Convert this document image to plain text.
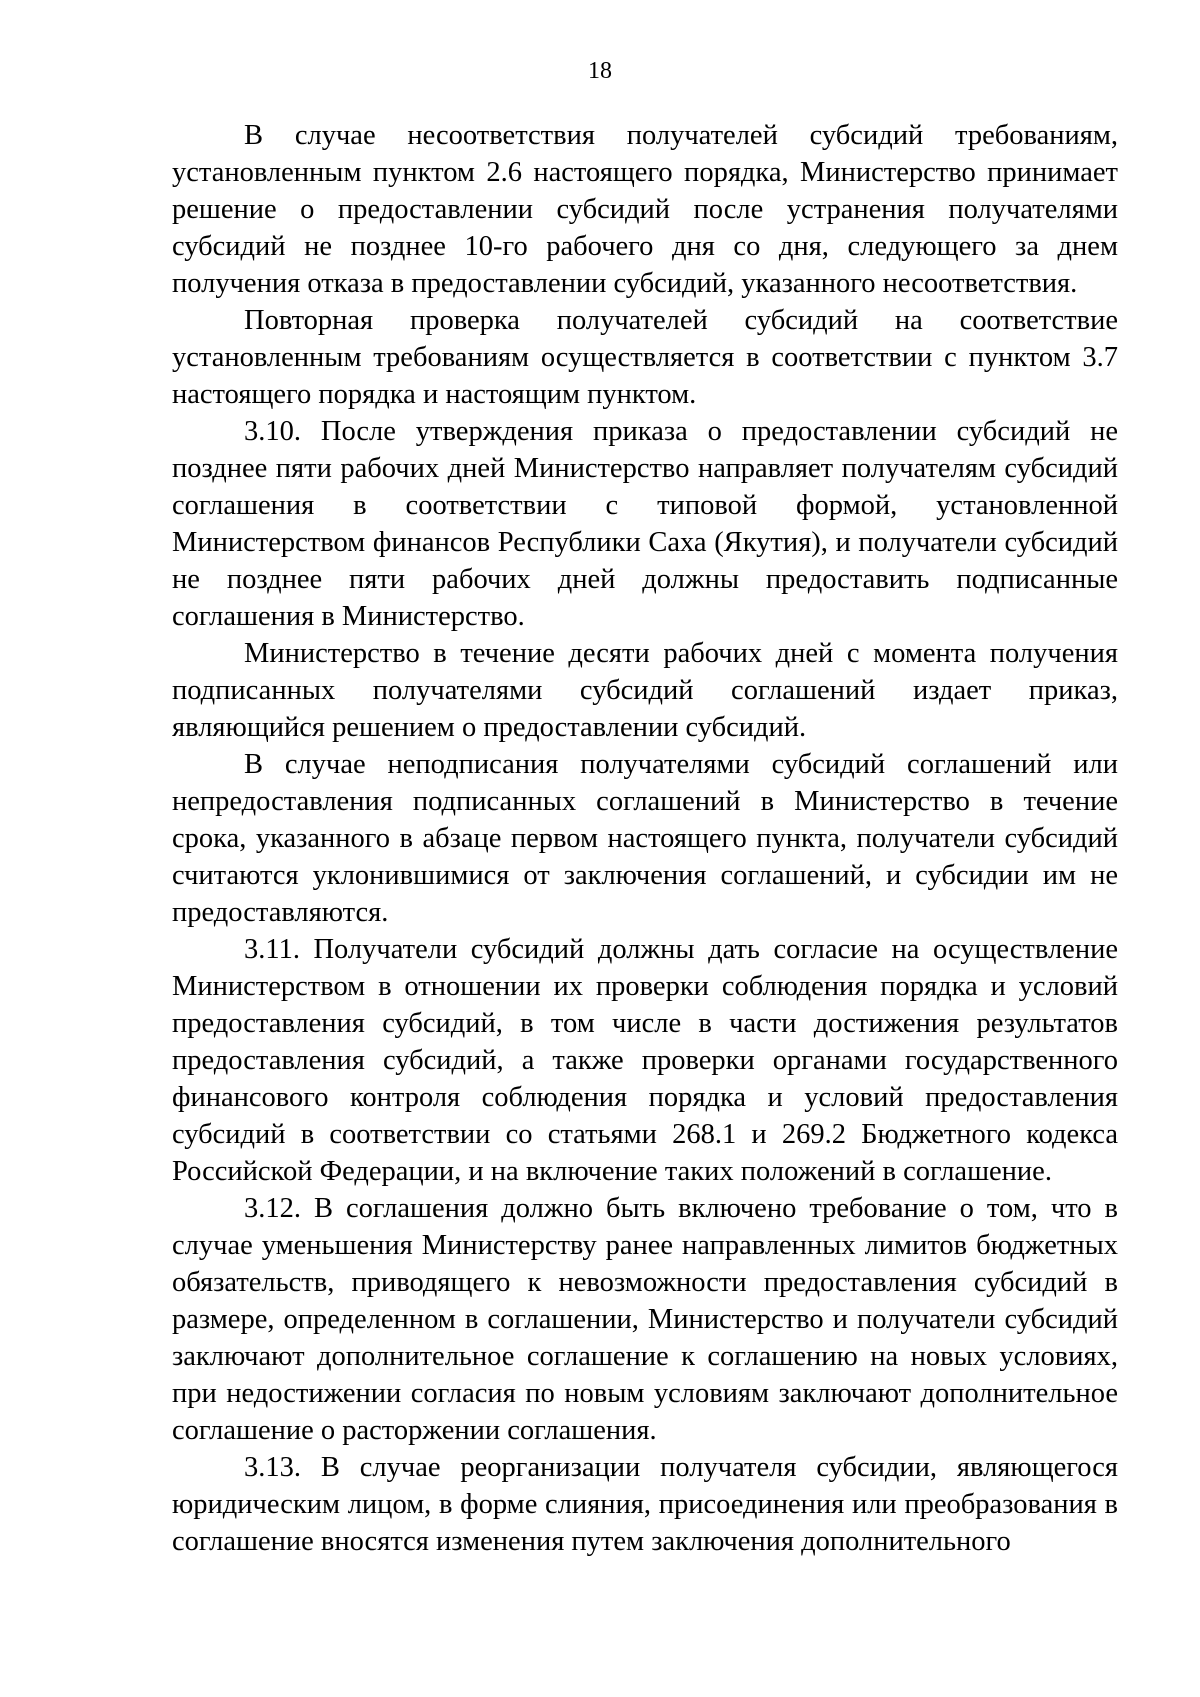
18

В случае несоответствия получателей субсидий требованиям, установленным пунктом 2.6 настоящего порядка, Министерство принимает решение о предоставлении субсидий после устранения получателями субсидий не позднее 10-го рабочего дня со дня, следующего за днем получения отказа в предоставлении субсидий, указанного несоответствия.

Повторная проверка получателей субсидий на соответствие установленным требованиям осуществляется в соответствии с пунктом 3.7 настоящего порядка и настоящим пунктом.

3.10. После утверждения приказа о предоставлении субсидий не позднее пяти рабочих дней Министерство направляет получателям субсидий соглашения в соответствии с типовой формой, установленной Министерством финансов Республики Саха (Якутия), и получатели субсидий не позднее пяти рабочих дней должны предоставить подписанные соглашения в Министерство.

Министерство в течение десяти рабочих дней с момента получения подписанных получателями субсидий соглашений издает приказ, являющийся решением о предоставлении субсидий.

В случае неподписания получателями субсидий соглашений или непредоставления подписанных соглашений в Министерство в течение срока, указанного в абзаце первом настоящего пункта, получатели субсидий считаются уклонившимися от заключения соглашений, и субсидии им не предоставляются.

3.11. Получатели субсидий должны дать согласие на осуществление Министерством в отношении их проверки соблюдения порядка и условий предоставления субсидий, в том числе в части достижения результатов предоставления субсидий, а также проверки органами государственного финансового контроля соблюдения порядка и условий предоставления субсидий в соответствии со статьями 268.1 и 269.2 Бюджетного кодекса Российской Федерации, и на включение таких положений в соглашение.

3.12. В соглашения должно быть включено требование о том, что в случае уменьшения Министерству ранее направленных лимитов бюджетных обязательств, приводящего к невозможности предоставления субсидий в размере, определенном в соглашении, Министерство и получатели субсидий заключают дополнительное соглашение к соглашению на новых условиях, при недостижении согласия по новым условиям заключают дополнительное соглашение о расторжении соглашения.

3.13. В случае реорганизации получателя субсидии, являющегося юридическим лицом, в форме слияния, присоединения или преобразования в соглашение вносятся изменения путем заключения дополнительного
